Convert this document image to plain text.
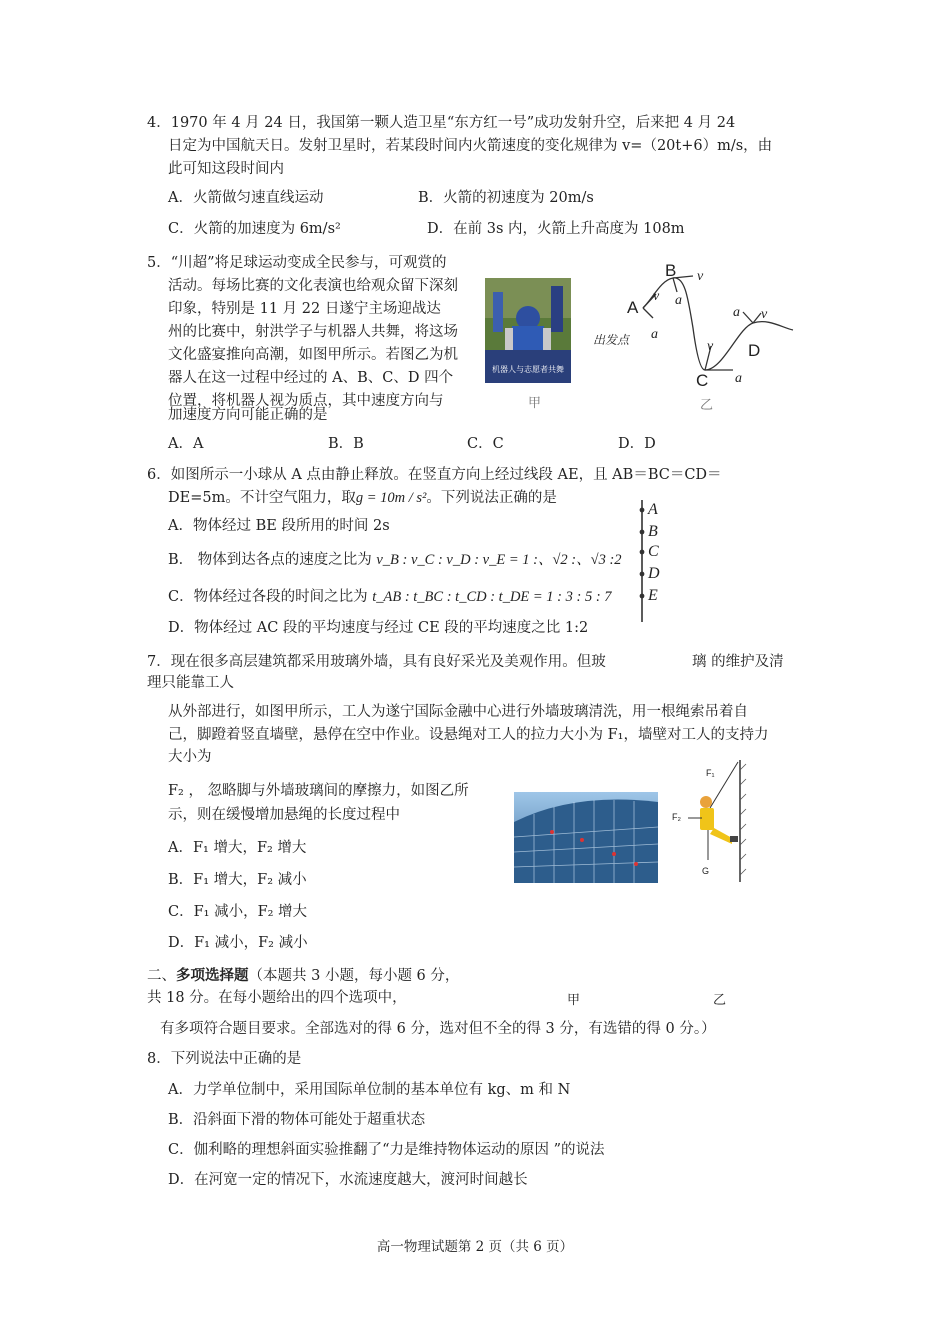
4．1970 年 4 月 24 日，我国第一颗人造卫星“东方红一号”成功发射升空，后来把 4 月 24
日定为中国航天日。发射卫星时，若某段时间内火箭速度的变化规律为 v=（20t+6）m/s，由
此可知这段时间内
A．火箭做匀速直线运动	B．火箭的初速度为 20m/s
C．火箭的加速度为 6m/s²	D．在前 3s 内，火箭上升高度为 108m
5．“川超”将足球运动变成全民参与，可观赏的
活动。每场比赛的文化表演也给观众留下深刻
印象，特别是 11 月 22 日遂宁主场迎战达
州的比赛中，射洪学子与机器人共舞，将这场
文化盛宴推向高潮，如图甲所示。若图乙为机
器人在这一过程中经过的 A、B、C、D 四个
位置，将机器人视为质点，其中速度方向与
加速度方向可能正确的是
机器人与志愿者共舞
甲
A
B
C
D
出发点
v
a
v
a
v
a
a v
乙
A．A	B．B	C．C	D．D
6．如图所示一小球从 A 点由静止释放。在竖直方向上经过线段 AE，且 AB＝BC＝CD＝
DE=5m。不计空气阻力，取g = 10m / s²。下列说法正确的是
A．物体经过 BE 段所用的时间 2s
B． 物体到达各点的速度之比为 v_B : v_C : v_D : v_E = 1 :、√2 :、√3 :2
C．物体经过各段的时间之比为 t_AB : t_BC : t_CD : t_DE = 1 : 3 : 5 : 7
D．物体经过 AC 段的平均速度与经过 CE 段的平均速度之比 1:2
A
B
C
D
E
7．现在很多高层建筑都采用玻璃外墙，具有良好采光及美观作用。但玻	璃 的维护及清
理只能靠工人
从外部进行，如图甲所示，工人为遂宁国际金融中心进行外墙玻璃清洗，用一根绳索吊着自
己，脚蹬着竖直墙壁，悬停在空中作业。设悬绳对工人的拉力大小为 F₁，墙壁对工人的支持力
大小为
F₂ ， 忽略脚与外墙玻璃间的摩擦力，如图乙所
示，则在缓慢增加悬绳的长度过程中
A．F₁ 增大，F₂ 增大
B．F₁ 增大，F₂ 减小
C．F₁ 减小，F₂ 增大
D．F₁ 减小，F₂ 减小
F₁
F₂
G
二、多项选择题（本题共 3 小题，每小题 6 分，
共 18 分。在每小题给出的四个选项中，	甲	乙
有多项符合题目要求。全部选对的得 6 分，选对但不全的得 3 分，有选错的得 0 分。）
8．下列说法中正确的是
A．力学单位制中，采用国际单位制的基本单位有 kg、m 和 N
B．沿斜面下滑的物体可能处于超重状态
C．伽利略的理想斜面实验推翻了“力是维持物体运动的原因 ”的说法
D．在河宽一定的情况下，水流速度越大，渡河时间越长
高一物理试题第 2 页（共 6 页）
